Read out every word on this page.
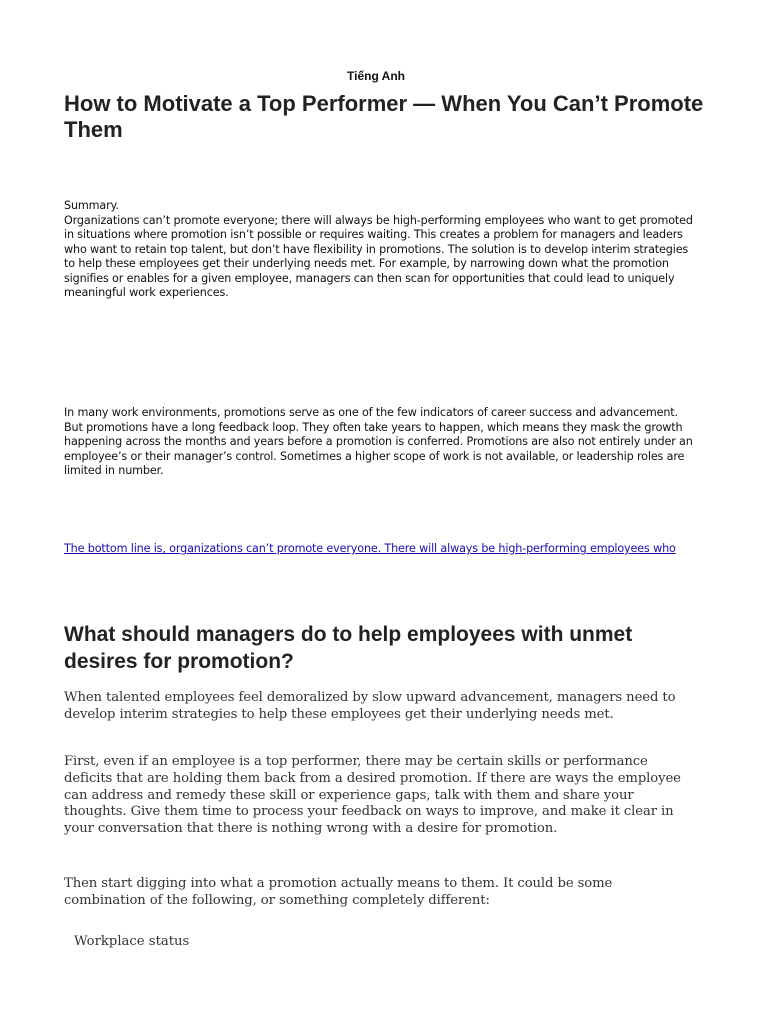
Tiếng Anh
How to Motivate a Top Performer — When You Can’t Promote Them
Summary.
Organizations can’t promote everyone; there will always be high-performing employees who want to get promoted in situations where promotion isn’t possible or requires waiting. This creates a problem for managers and leaders who want to retain top talent, but don’t have flexibility in promotions. The solution is to develop interim strategies to help these employees get their underlying needs met. For example, by narrowing down what the promotion signifies or enables for a given employee, managers can then scan for opportunities that could lead to uniquely meaningful work experiences.
In many work environments, promotions serve as one of the few indicators of career success and advancement. But promotions have a long feedback loop. They often take years to happen, which means they mask the growth happening across the months and years before a promotion is conferred. Promotions are also not entirely under an employee’s or their manager’s control. Sometimes a higher scope of work is not available, or leadership roles are limited in number.
The bottom line is, organizations can’t promote everyone. There will always be high-performing employees who
What should managers do to help employees with unmet desires for promotion?

When talented employees feel demoralized by slow upward advancement, managers need to develop interim strategies to help these employees get their underlying needs met.

First, even if an employee is a top performer, there may be certain skills or performance deficits that are holding them back from a desired promotion. If there are ways the employee can address and remedy these skill or experience gaps, talk with them and share your thoughts. Give them time to process your feedback on ways to improve, and make it clear in your conversation that there is nothing wrong with a desire for promotion.

Then start digging into what a promotion actually means to them. It could be some combination of the following, or something completely different:

Workplace status
